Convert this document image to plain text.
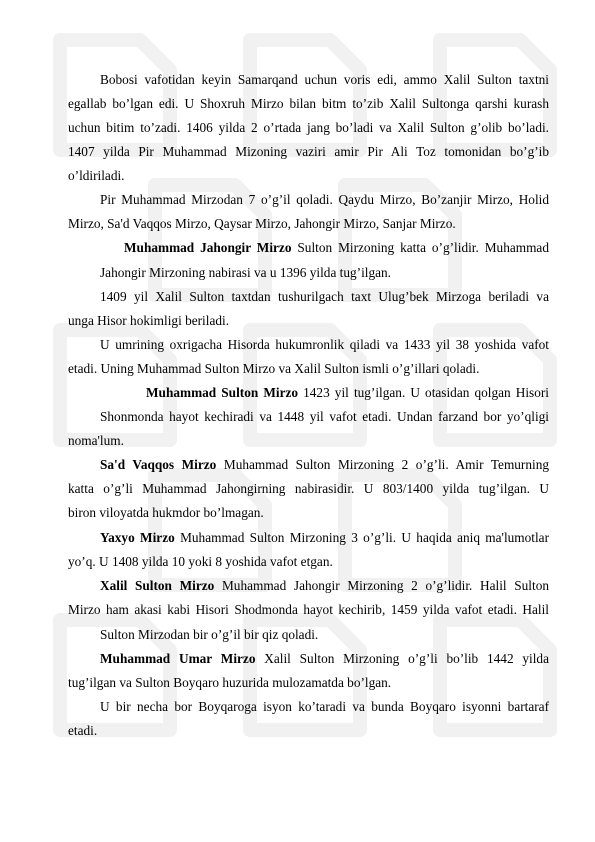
Bobosi vafotidan keyin Samarqand uchun voris edi, ammo Xalil Sulton taxtni
egallab bo’lgan edi. U Shoxruh Mirzo bilan bitm to’zib Xalil Sultonga qarshi kurash
uchun bitim to’zadi. 1406 yilda 2 o’rtada jang bo’ladi va Xalil Sulton g’olib bo’ladi.
1407 yilda Pir Muhammad Mizoning vaziri amir Pir Ali Toz tomonidan bo’g’ib
o’ldiriladi.
Pir Muhammad Mirzodan 7 o’g’il qoladi. Qaydu Mirzo, Bo’zanjir Mirzo, Holid
Mirzo, Sa'd Vaqqos Mirzo, Qaysar Mirzo, Jahongir Mirzo, Sanjar Mirzo.
Muhammad Jahongir Mirzo Sulton Mirzoning katta o’g’lidir. Muhammad
Jahongir Mirzoning nabirasi va u 1396 yilda tug’ilgan.
1409 yil Xalil Sulton taxtdan tushurilgach taxt Ulug’bek Mirzoga beriladi va
unga Hisor hokimligi beriladi.
U umrining oxrigacha Hisorda hukumronlik qiladi va 1433 yil 38 yoshida vafot
etadi. Uning Muhammad Sulton Mirzo va Xalil Sulton ismli o’g’illari qoladi.
Muhammad Sulton Mirzo 1423 yil tug’ilgan. U otasidan qolgan Hisori
Shonmonda hayot kechiradi va 1448 yil vafot etadi. Undan farzand bor yo’qligi
noma'lum.
Sa'd Vaqqos Mirzo Muhammad Sulton Mirzoning 2 o’g’li. Amir Temurning
katta o’g’li Muhammad Jahongirning nabirasidir. U 803/1400 yilda tug’ilgan. U
biron viloyatda hukmdor bo’lmagan.
Yaxyo Mirzo Muhammad Sulton Mirzoning 3 o’g’li. U haqida aniq ma'lumotlar
yo’q. U 1408 yilda 10 yoki 8 yoshida vafot etgan.
Xalil Sulton Mirzo Muhammad Jahongir Mirzoning 2 o’g’lidir. Halil Sulton
Mirzo ham akasi kabi Hisori Shodmonda hayot kechirib, 1459 yilda vafot etadi. Halil
Sulton Mirzodan bir o’g’il bir qiz qoladi.
Muhammad Umar Mirzo Xalil Sulton Mirzoning o’g’li bo’lib 1442 yilda
tug’ilgan va Sulton Boyqaro huzurida mulozamatda bo’lgan.
U bir necha bor Boyqaroga isyon ko’taradi va bunda Boyqaro isyonni bartaraf
etadi.
